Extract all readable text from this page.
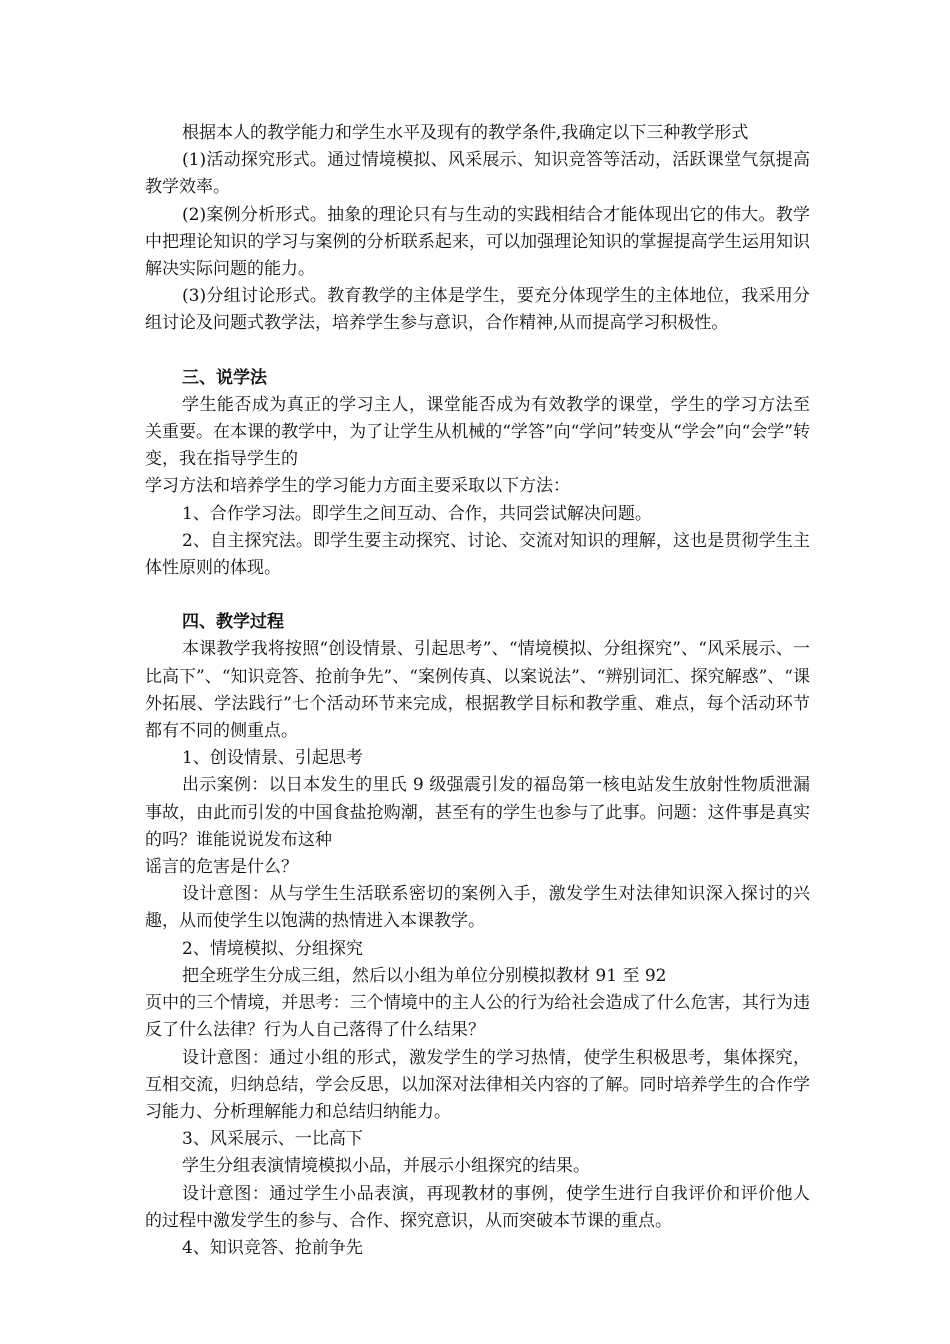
根据本人的教学能力和学生水平及现有的教学条件,我确定以下三种教学形式

(1)活动探究形式。通过情境模拟、风采展示、知识竞答等活动，活跃课堂气氛提高教学效率。

(2)案例分析形式。抽象的理论只有与生动的实践相结合才能体现出它的伟大。教学中把理论知识的学习与案例的分析联系起来，可以加强理论知识的掌握提高学生运用知识解决实际问题的能力。

(3)分组讨论形式。教育教学的主体是学生，要充分体现学生的主体地位，我采用分组讨论及问题式教学法，培养学生参与意识，合作精神,从而提高学习积极性。

三、说学法

学生能否成为真正的学习主人，课堂能否成为有效教学的课堂，学生的学习方法至关重要。在本课的教学中，为了让学生从机械的“学答”向“学问”转变从“学会”向“会学”转变，我在指导学生的

学习方法和培养学生的学习能力方面主要采取以下方法：

1、合作学习法。即学生之间互动、合作，共同尝试解决问题。

2、自主探究法。即学生要主动探究、讨论、交流对知识的理解，这也是贯彻学生主体性原则的体现。

四、教学过程

本课教学我将按照“创设情景、引起思考”、“情境模拟、分组探究”、“风采展示、一比高下”、“知识竞答、抢前争先”、“案例传真、以案说法”、“辨别词汇、探究解惑”、“课外拓展、学法践行”七个活动环节来完成，根据教学目标和教学重、难点，每个活动环节都有不同的侧重点。

1、创设情景、引起思考

出示案例：以日本发生的里氏 9 级强震引发的福岛第一核电站发生放射性物质泄漏事故，由此而引发的中国食盐抢购潮，甚至有的学生也参与了此事。问题：这件事是真实的吗？谁能说说发布这种

谣言的危害是什么？

设计意图：从与学生生活联系密切的案例入手，激发学生对法律知识深入探讨的兴趣，从而使学生以饱满的热情进入本课教学。

2、情境模拟、分组探究

把全班学生分成三组，然后以小组为单位分别模拟教材 91 至 92

页中的三个情境，并思考：三个情境中的主人公的行为给社会造成了什么危害，其行为违反了什么法律？行为人自己落得了什么结果？

设计意图：通过小组的形式，激发学生的学习热情，使学生积极思考，集体探究，互相交流，归纳总结，学会反思，以加深对法律相关内容的了解。同时培养学生的合作学习能力、分析理解能力和总结归纳能力。

3、风采展示、一比高下

学生分组表演情境模拟小品，并展示小组探究的结果。

设计意图：通过学生小品表演，再现教材的事例，使学生进行自我评价和评价他人的过程中激发学生的参与、合作、探究意识，从而突破本节课的重点。

4、知识竞答、抢前争先
